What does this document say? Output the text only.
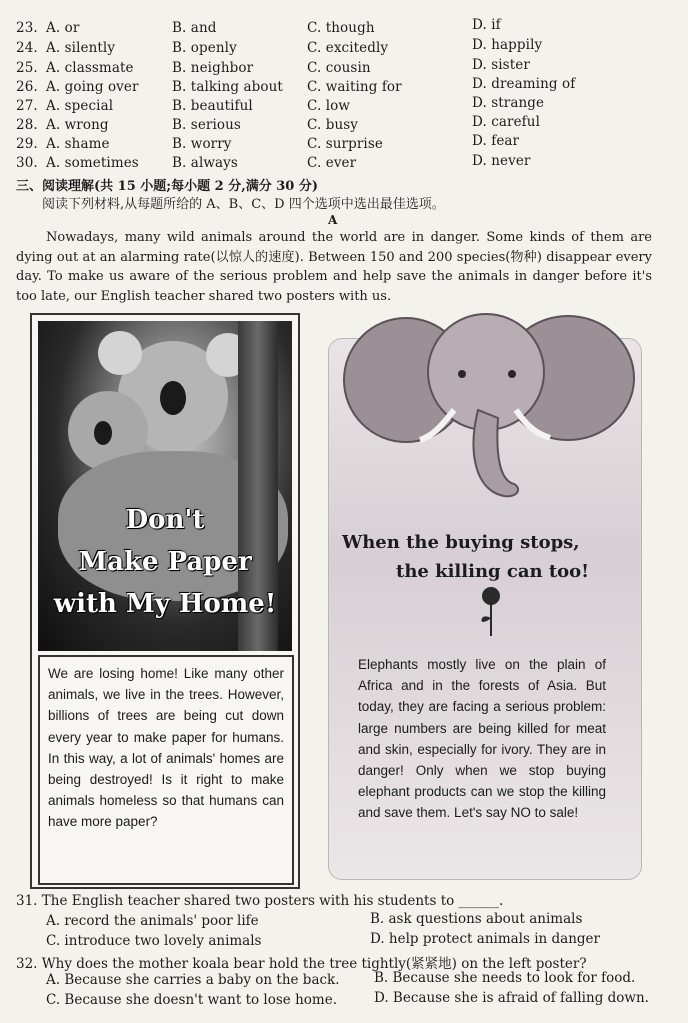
23. A. or	B. and	C. though	D. if
24. A. silently	B. openly	C. excitedly	D. happily
25. A. classmate	B. neighbor	C. cousin	D. sister
26. A. going over B. talking about C. waiting for	D. dreaming of
27. A. special	B. beautiful	C. low	D. strange
28. A. wrong	B. serious	C. busy	D. careful
29. A. shame	B. worry	C. surprise	D. fear
30. A. sometimes B. always	C. ever	D. never
三、阅读理解(共 15 小题;每小题 2 分,满分 30 分)
阅读下列材料,从每题所给的 A、B、C、D 四个选项中选出最佳选项。
A
Nowadays, many wild animals around the world are in danger. Some kinds of them are dying out at an alarming rate(以惊人的速度). Between 150 and 200 species(物种) disappear every day. To make us aware of the serious problem and help save the animals in danger before it's too late, our English teacher shared two posters with us.
Don't
Make Paper
with My Home!
We are losing home! Like many other animals, we live in the trees. However, billions of trees are being cut down every year to make paper for humans. In this way, a lot of animals' homes are being destroyed! Is it right to make animals homeless so that humans can have more paper?
When the buying stops,
the killing can too!
Elephants mostly live on the plain of Africa and in the forests of Asia. But today, they are facing a serious problem: large numbers are being killed for meat and skin, especially for ivory. They are in danger! Only when we stop buying elephant products can we stop the killing and save them. Let's say NO to sale!
31. The English teacher shared two posters with his students to ______.
A. record the animals' poor life	B. ask questions about animals
C. introduce two lovely animals	D. help protect animals in danger
32. Why does the mother koala bear hold the tree tightly(紧紧地) on the left poster?
A. Because she carries a baby on the back.	B. Because she needs to look for food.
C. Because she doesn't want to lose home.	D. Because she is afraid of falling down.
